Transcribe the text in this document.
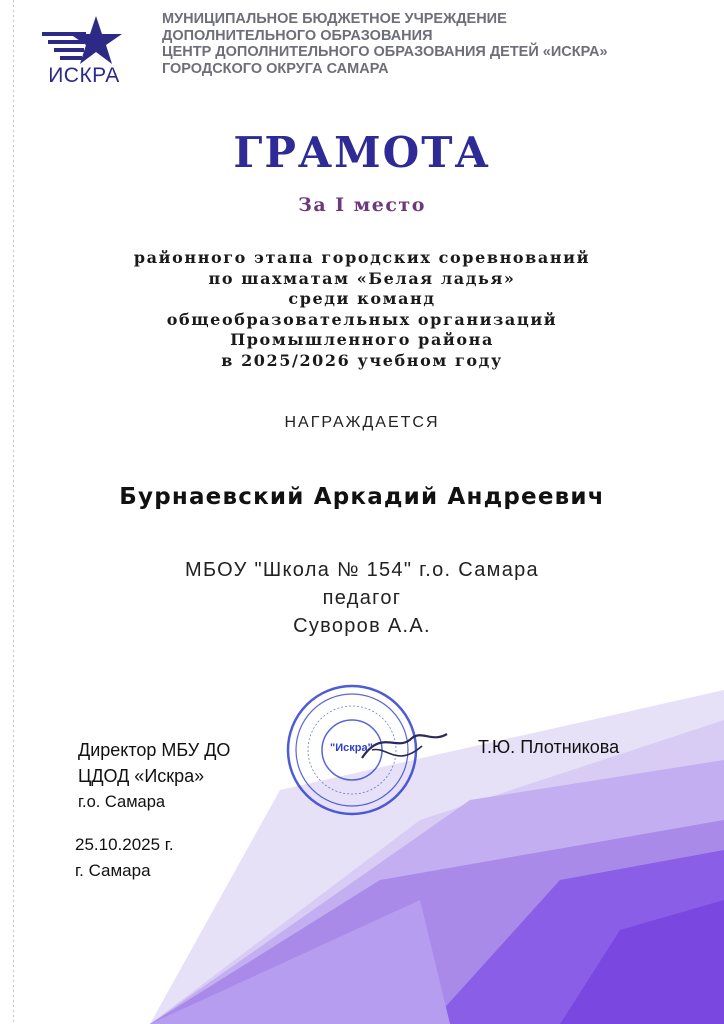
ИСКРА
МУНИЦИПАЛЬНОЕ БЮДЖЕТНОЕ УЧРЕЖДЕНИЕ
ДОПОЛНИТЕЛЬНОГО ОБРАЗОВАНИЯ
ЦЕНТР ДОПОЛНИТЕЛЬНОГО ОБРАЗОВАНИЯ ДЕТЕЙ «ИСКРА»
ГОРОДСКОГО ОКРУГА САМАРА
ГРАМОТА
За I место
районного этапа городских соревнований
по шахматам «Белая ладья»
среди команд
общеобразовательных организаций
Промышленного района
в 2025/2026 учебном году
НАГРАЖДАЕТСЯ
Бурнаевский Аркадий Андреевич
МБОУ "Школа № 154" г.о. Самара
педагог
Суворов А.А.
"Искра"
Директор МБУ ДО
ЦДОД «Искра»
г.о. Самара
Т.Ю. Плотникова
25.10.2025 г.
г. Самара
